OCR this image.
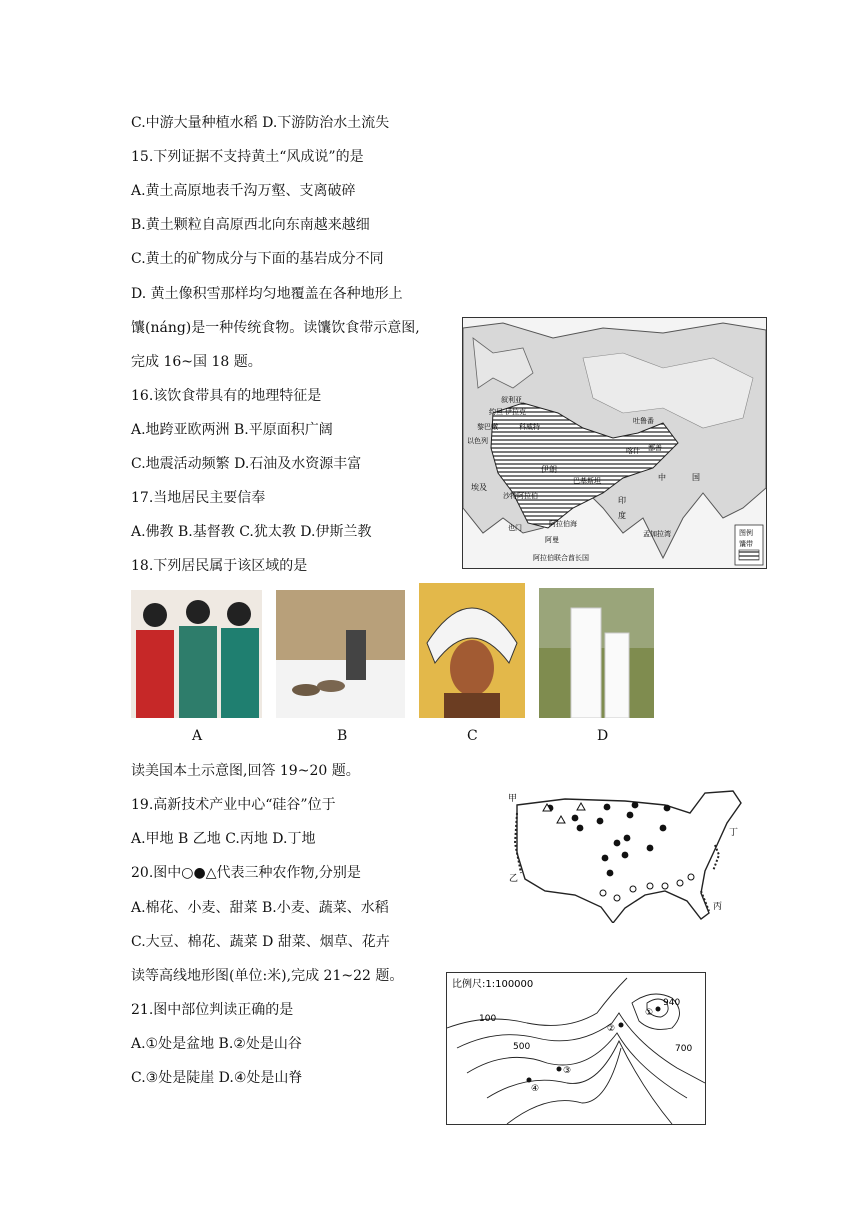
C.中游大量种植水稻 D.下游防治水土流失
15.下列证据不支持黄土“风成说”的是
A.黄土高原地表千沟万壑、支离破碎
B.黄土颗粒自高原西北向东南越来越细
C.黄土的矿物成分与下面的基岩成分不同
D. 黄土像积雪那样均匀地覆盖在各种地形上
馕(náng)是一种传统食物。读馕饮食带示意图,
完成 16~国 18 题。
16.该饮食带具有的地理特征是
A.地跨亚欧两洲 B.平原面积广阔
C.地震活动频繁 D.石油及水资源丰富
17.当地居民主要信奉
A.佛教 B.基督教 C.犹太教 D.伊斯兰教
18.下列居民属于该区域的是
读美国本土示意图,回答 19~20 题。
19.高新技术产业中心“硅谷”位于
A.甲地 B 乙地 C.丙地 D.丁地
20.图中○●△代表三种农作物,分别是
A.棉花、小麦、甜菜 B.小麦、蔬菜、水稻
C.大豆、棉花、蔬菜 D 甜菜、烟草、花卉
读等高线地形图(单位:米),完成 21~22 题。
21.图中部位判读正确的是
A.①处是盆地 B.②处是山谷
C.③处是陡崖 D.④处是山脊
叙利亚
约旦 伊拉克
黎巴嫩	科威特
以色列
吐鲁番
喀什 鄯善
伊朗
中	国
埃及
沙特阿拉伯
巴基斯坦
印
度
也门	阿拉伯海
阿曼
孟加拉湾
阿拉伯联合酋长国
图例
馕带
A	B	C	D
甲
乙
丙
丁
比例尺:1:100000
100
500	700
940
①
②
③
④
